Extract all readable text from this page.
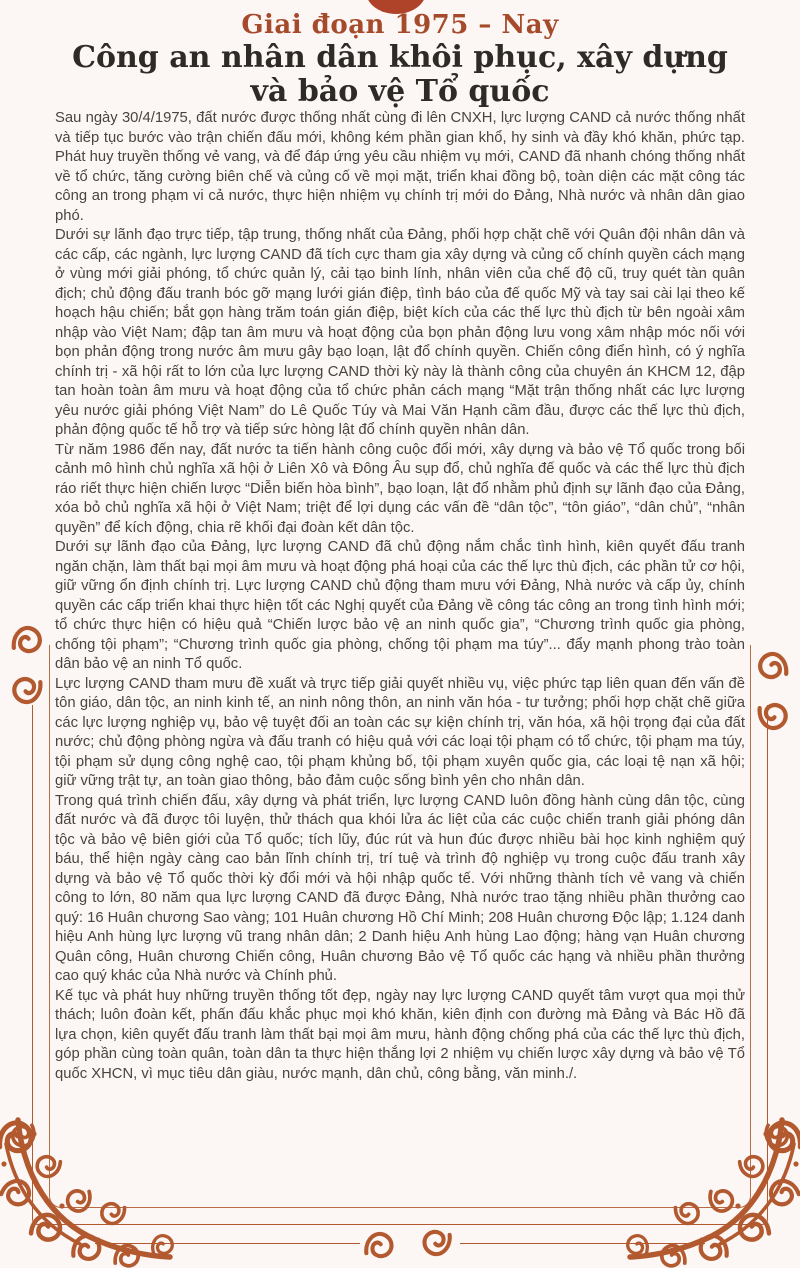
Giai đoạn 1975 – Nay
Công an nhân dân khôi phục, xây dựng và bảo vệ Tổ quốc

Sau ngày 30/4/1975, đất nước được thống nhất cùng đi lên CNXH, lực lượng CAND cả nước thống nhất và tiếp tục bước vào trận chiến đấu mới, không kém phần gian khổ, hy sinh và đầy khó khăn, phức tạp. Phát huy truyền thống vẻ vang, và để đáp ứng yêu cầu nhiệm vụ mới, CAND đã nhanh chóng thống nhất về tổ chức, tăng cường biên chế và củng cố về mọi mặt, triển khai đồng bộ, toàn diện các mặt công tác công an trong phạm vi cả nước, thực hiện nhiệm vụ chính trị mới do Đảng, Nhà nước và nhân dân giao phó.

Dưới sự lãnh đạo trực tiếp, tập trung, thống nhất của Đảng, phối hợp chặt chẽ với Quân đội nhân dân và các cấp, các ngành, lực lượng CAND đã tích cực tham gia xây dựng và củng cố chính quyền cách mạng ở vùng mới giải phóng, tổ chức quản lý, cải tạo binh lính, nhân viên của chế độ cũ, truy quét tàn quân địch; chủ động đấu tranh bóc gỡ mạng lưới gián điệp, tình báo của đế quốc Mỹ và tay sai cài lại theo kế hoạch hậu chiến; bắt gọn hàng trăm toán gián điệp, biệt kích của các thế lực thù địch từ bên ngoài xâm nhập vào Việt Nam; đập tan âm mưu và hoạt động của bọn phản động lưu vong xâm nhập móc nối với bọn phản động trong nước âm mưu gây bạo loạn, lật đổ chính quyền. Chiến công điển hình, có ý nghĩa chính trị - xã hội rất to lớn của lực lượng CAND thời kỳ này là thành công của chuyên án KHCM 12, đập tan hoàn toàn âm mưu và hoạt động của tổ chức phản cách mạng “Mặt trận thống nhất các lực lượng yêu nước giải phóng Việt Nam” do Lê Quốc Túy và Mai Văn Hạnh cầm đầu, được các thế lực thù địch, phản động quốc tế hỗ trợ và tiếp sức hòng lật đổ chính quyền nhân dân.

Từ năm 1986 đến nay, đất nước ta tiến hành công cuộc đổi mới, xây dựng và bảo vệ Tổ quốc trong bối cảnh mô hình chủ nghĩa xã hội ở Liên Xô và Đông Âu sụp đổ, chủ nghĩa đế quốc và các thế lực thù địch ráo riết thực hiện chiến lược “Diễn biến hòa bình”, bạo loạn, lật đổ nhằm phủ định sự lãnh đạo của Đảng, xóa bỏ chủ nghĩa xã hội ở Việt Nam; triệt để lợi dụng các vấn đề “dân tộc”, “tôn giáo”, “dân chủ”, “nhân quyền” để kích động, chia rẽ khối đại đoàn kết dân tộc.

Dưới sự lãnh đạo của Đảng, lực lượng CAND đã chủ động nắm chắc tình hình, kiên quyết đấu tranh ngăn chặn, làm thất bại mọi âm mưu và hoạt động phá hoại của các thế lực thù địch, các phần tử cơ hội, giữ vững ổn định chính trị. Lực lượng CAND chủ động tham mưu với Đảng, Nhà nước và cấp ủy, chính quyền các cấp triển khai thực hiện tốt các Nghị quyết của Đảng về công tác công an trong tình hình mới; tổ chức thực hiện có hiệu quả “Chiến lược bảo vệ an ninh quốc gia”, “Chương trình quốc gia phòng, chống tội phạm”; “Chương trình quốc gia phòng, chống tội phạm ma túy”... đẩy mạnh phong trào toàn dân bảo vệ an ninh Tổ quốc.

Lực lượng CAND tham mưu đề xuất và trực tiếp giải quyết nhiều vụ, việc phức tạp liên quan đến vấn đề tôn giáo, dân tộc, an ninh kinh tế, an ninh nông thôn, an ninh văn hóa - tư tưởng; phối hợp chặt chẽ giữa các lực lượng nghiệp vụ, bảo vệ tuyệt đối an toàn các sự kiện chính trị, văn hóa, xã hội trọng đại của đất nước; chủ động phòng ngừa và đấu tranh có hiệu quả với các loại tội phạm có tổ chức, tội phạm ma túy, tội phạm sử dụng công nghệ cao, tội phạm khủng bố, tội phạm xuyên quốc gia, các loại tệ nạn xã hội; giữ vững trật tự, an toàn giao thông, bảo đảm cuộc sống bình yên cho nhân dân.

Trong quá trình chiến đấu, xây dựng và phát triển, lực lượng CAND luôn đồng hành cùng dân tộc, cùng đất nước và đã được tôi luyện, thử thách qua khói lửa ác liệt của các cuộc chiến tranh giải phóng dân tộc và bảo vệ biên giới của Tổ quốc; tích lũy, đúc rút và hun đúc được nhiều bài học kinh nghiệm quý báu, thể hiện ngày càng cao bản lĩnh chính trị, trí tuệ và trình độ nghiệp vụ trong cuộc đấu tranh xây dựng và bảo vệ Tổ quốc thời kỳ đổi mới và hội nhập quốc tế. Với những thành tích vẻ vang và chiến công to lớn, 80 năm qua lực lượng CAND đã được Đảng, Nhà nước trao tặng nhiều phần thưởng cao quý: 16 Huân chương Sao vàng; 101 Huân chương Hồ Chí Minh; 208 Huân chương Độc lập; 1.124 danh hiệu Anh hùng lực lượng vũ trang nhân dân; 2 Danh hiệu Anh hùng Lao động; hàng vạn Huân chương Quân công, Huân chương Chiến công, Huân chương Bảo vệ Tổ quốc các hạng và nhiều phần thưởng cao quý khác của Nhà nước và Chính phủ.

Kế tục và phát huy những truyền thống tốt đẹp, ngày nay lực lượng CAND quyết tâm vượt qua mọi thử thách; luôn đoàn kết, phấn đấu khắc phục mọi khó khăn, kiên định con đường mà Đảng và Bác Hồ đã lựa chọn, kiên quyết đấu tranh làm thất bại mọi âm mưu, hành động chống phá của các thế lực thù địch, góp phần cùng toàn quân, toàn dân ta thực hiện thắng lợi 2 nhiệm vụ chiến lược xây dựng và bảo vệ Tổ quốc XHCN, vì mục tiêu dân giàu, nước mạnh, dân chủ, công bằng, văn minh./.
